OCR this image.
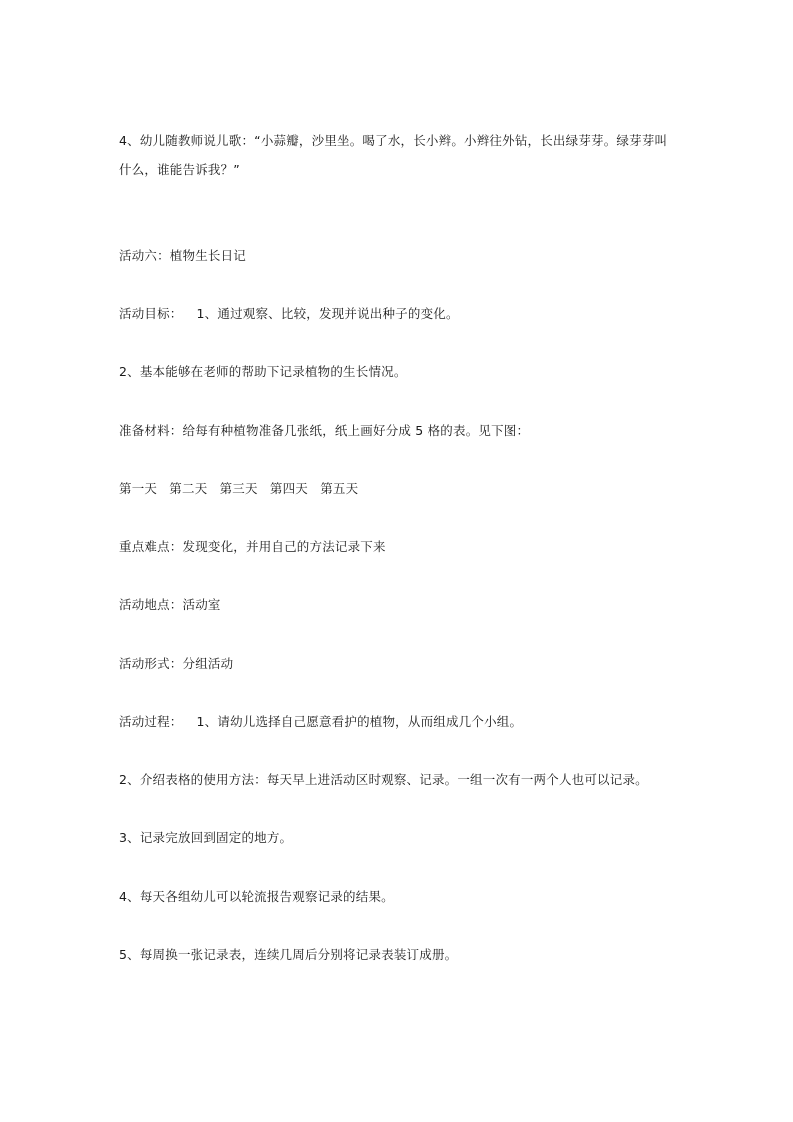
4、幼儿随教师说儿歌：“小蒜瓣，沙里坐。喝了水，长小辫。小辫往外钻，长出绿芽芽。绿芽芽叫什么，谁能告诉我？”
活动六：植物生长日记
活动目标： 1、通过观察、比较，发现并说出种子的变化。
2、基本能够在老师的帮助下记录植物的生长情况。
准备材料：给每有种植物准备几张纸，纸上画好分成 5 格的表。见下图：
第一天 第二天 第三天 第四天 第五天
重点难点：发现变化，并用自己的方法记录下来
活动地点：活动室
活动形式：分组活动
活动过程： 1、请幼儿选择自己愿意看护的植物，从而组成几个小组。
2、介绍表格的使用方法：每天早上进活动区时观察、记录。一组一次有一两个人也可以记录。
3、记录完放回到固定的地方。
4、每天各组幼儿可以轮流报告观察记录的结果。
5、每周换一张记录表，连续几周后分别将记录表装订成册。
